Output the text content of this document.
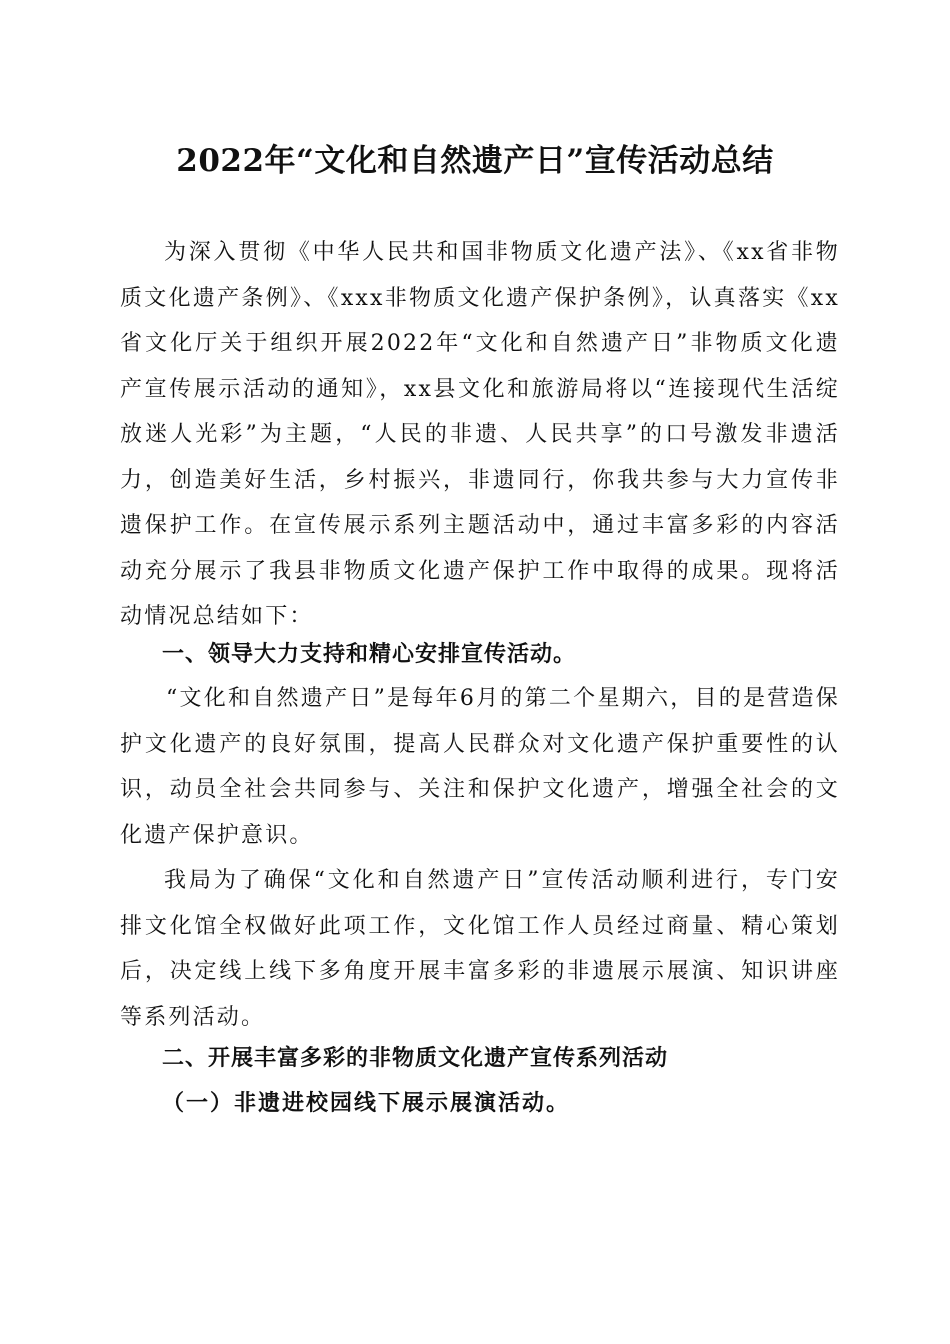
2022年“文化和自然遗产日”宣传活动总结

为深入贯彻《中华人民共和国非物质文化遗产法》、《xx省非物质文化遗产条例》、《xxx非物质文化遗产保护条例》，认真落实《xx省文化厅关于组织开展2022年“文化和自然遗产日”非物质文化遗产宣传展示活动的通知》，xx县文化和旅游局将以“连接现代生活绽放迷人光彩”为主题，“人民的非遗、人民共享”的口号激发非遗活力，创造美好生活，乡村振兴，非遗同行，你我共参与大力宣传非遗保护工作。在宣传展示系列主题活动中，通过丰富多彩的内容活动充分展示了我县非物质文化遗产保护工作中取得的成果。现将活动情况总结如下：

一、领导大力支持和精心安排宣传活动。

“文化和自然遗产日”是每年6月的第二个星期六，目的是营造保护文化遗产的良好氛围，提高人民群众对文化遗产保护重要性的认识，动员全社会共同参与、关注和保护文化遗产，增强全社会的文化遗产保护意识。

我局为了确保“文化和自然遗产日”宣传活动顺利进行，专门安排文化馆全权做好此项工作，文化馆工作人员经过商量、精心策划后，决定线上线下多角度开展丰富多彩的非遗展示展演、知识讲座等系列活动。

二、开展丰富多彩的非物质文化遗产宣传系列活动
（一）非遗进校园线下展示展演活动。
